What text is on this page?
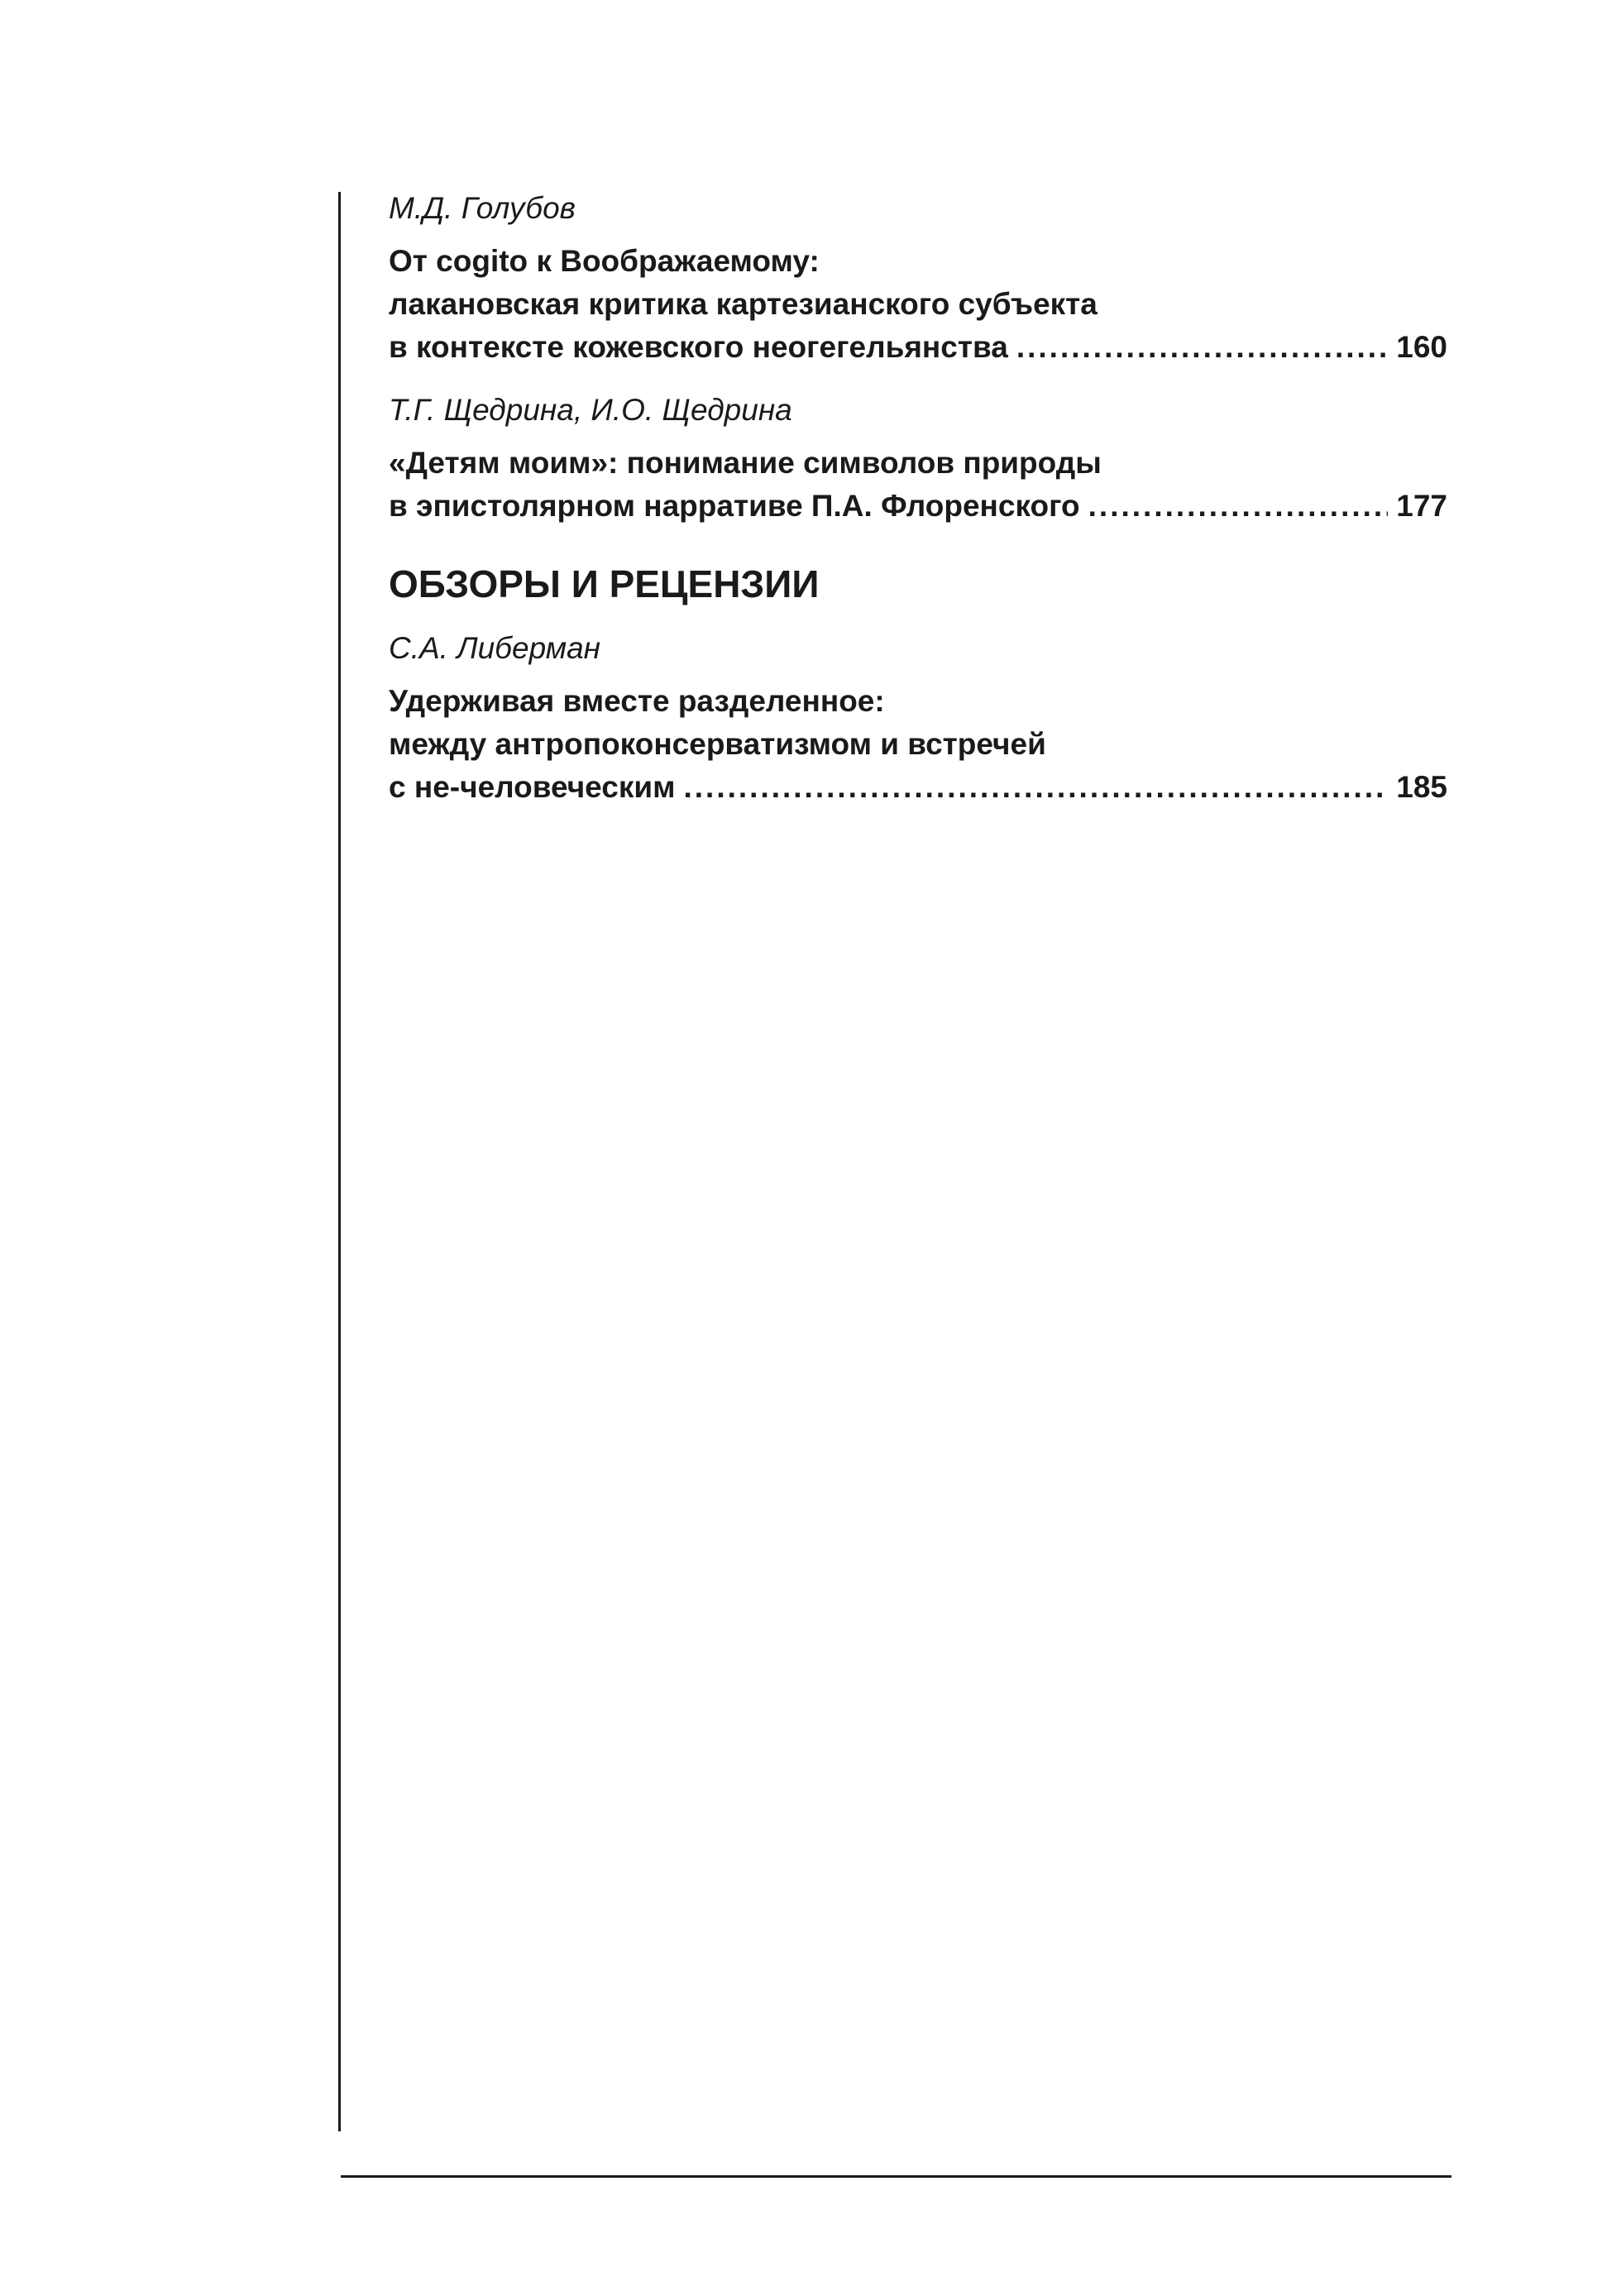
М.Д. Голубов
От cogito к Воображаемому:
лакановская критика картезианского субъекта
в контексте кожевского неогегельянства .....	160
Т.Г. Щедрина, И.О. Щедрина
«Детям моим»: понимание символов природы
в эпистолярном нарративе П.А. Флоренского .....	177
ОБЗОРЫ И РЕЦЕНЗИИ
С.А. Либерман
Удерживая вместе разделенное:
между антропоконсерватизмом и встречей
с не-человеческим .....	185
